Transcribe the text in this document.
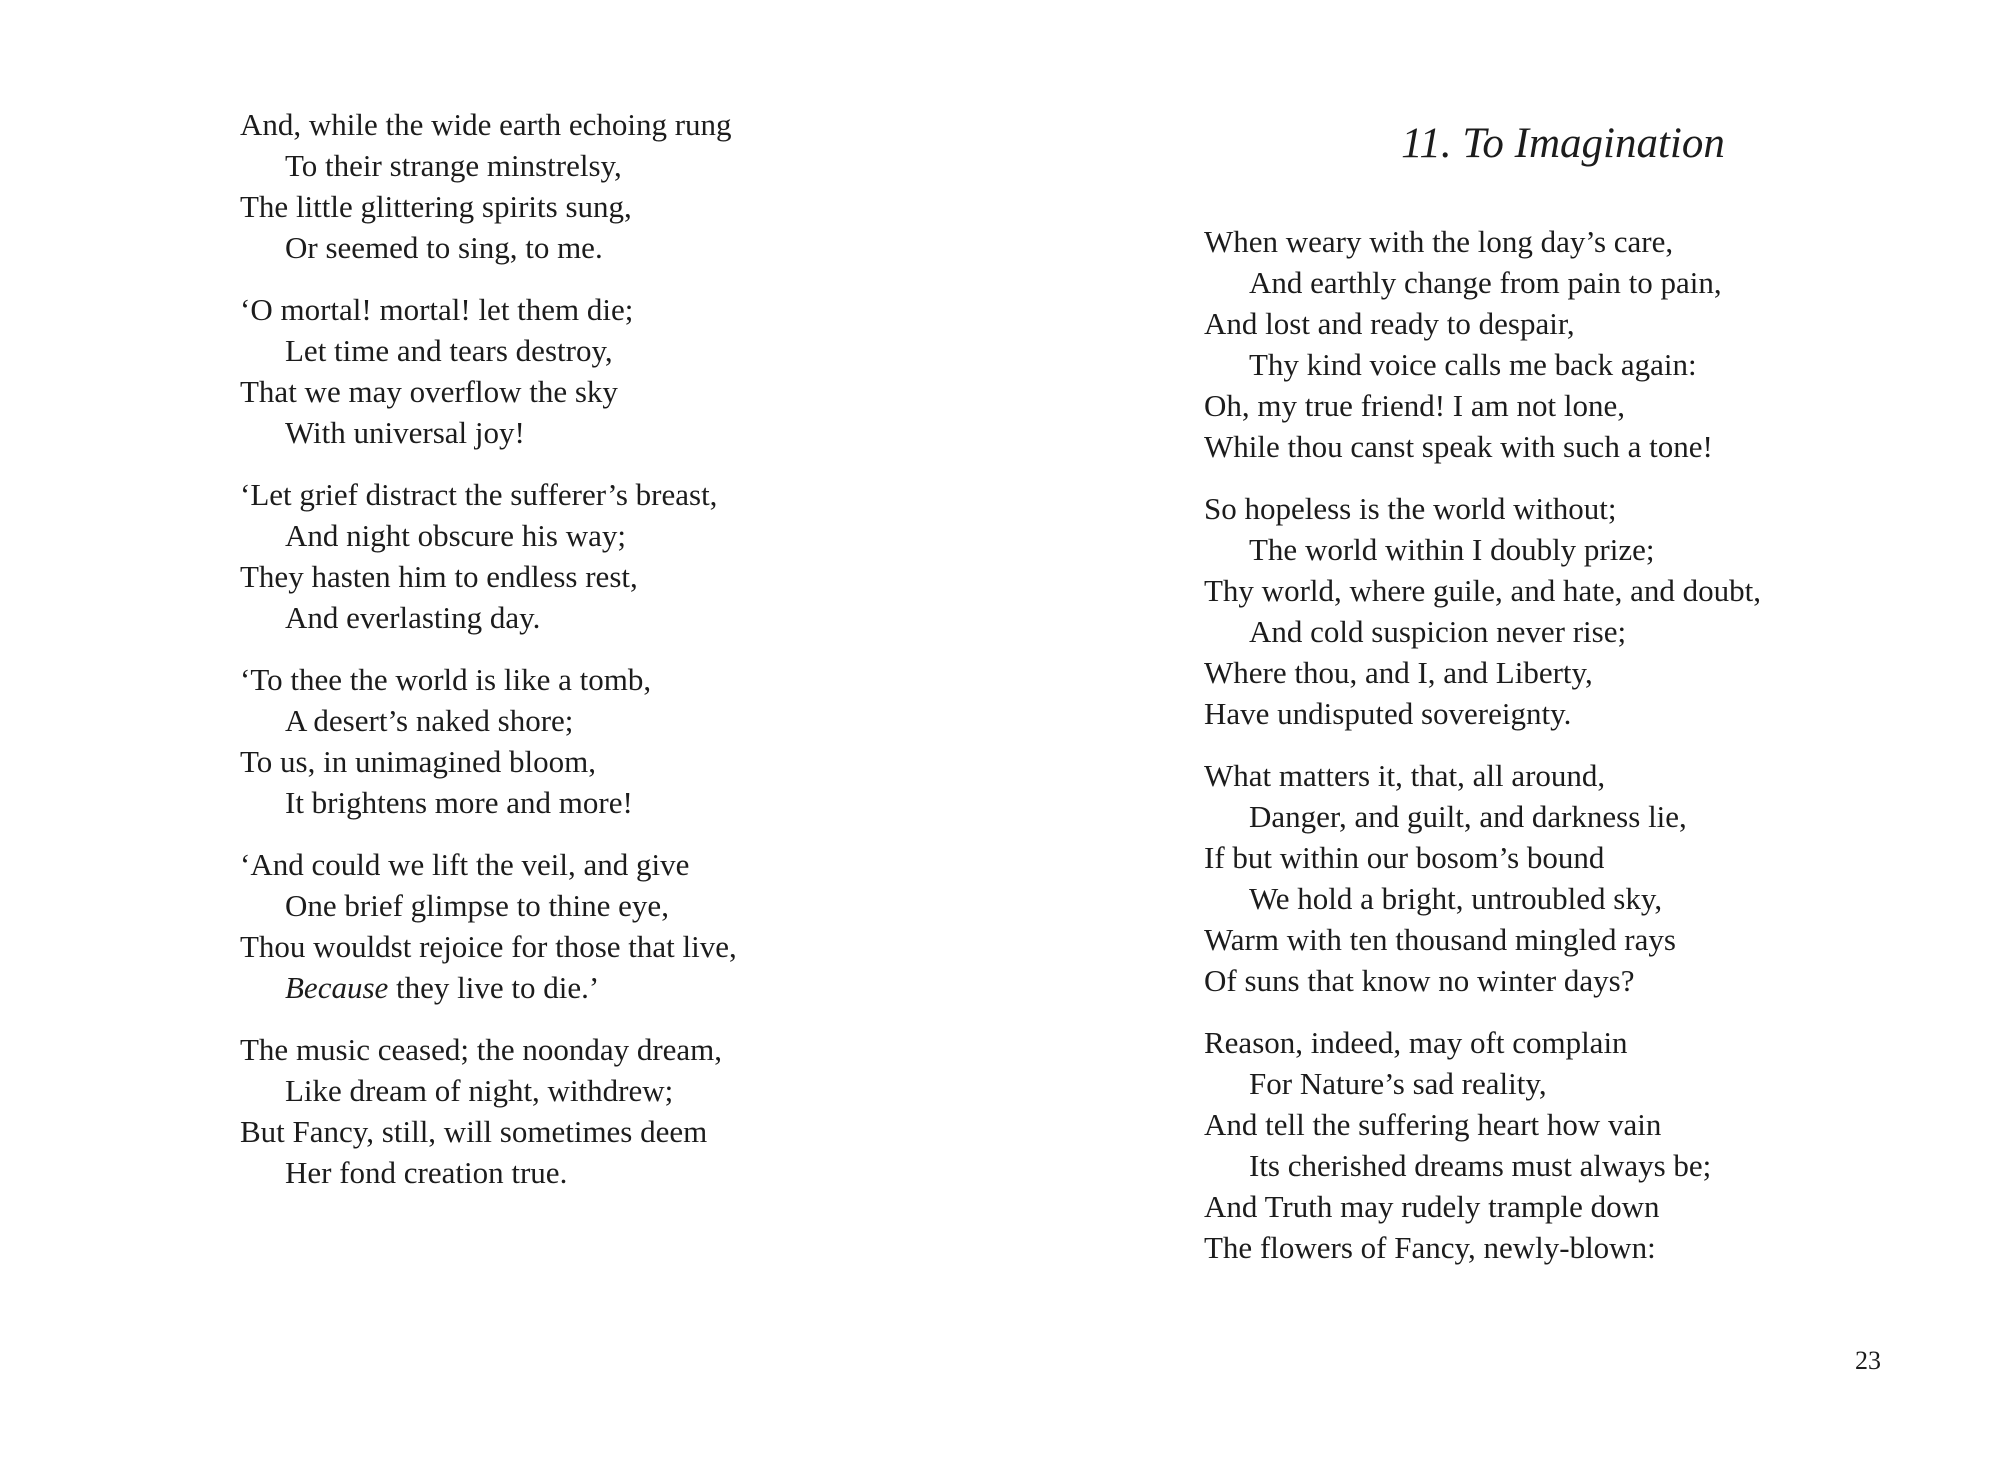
And, while the wide earth echoing rung
To their strange minstrelsy,
The little glittering spirits sung,
Or seemed to sing, to me.
‘O mortal! mortal! let them die;
Let time and tears destroy,
That we may overflow the sky
With universal joy!
‘Let grief distract the sufferer’s breast,
And night obscure his way;
They hasten him to endless rest,
And everlasting day.
‘To thee the world is like a tomb,
A desert’s naked shore;
To us, in unimagined bloom,
It brightens more and more!
‘And could we lift the veil, and give
One brief glimpse to thine eye,
Thou wouldst rejoice for those that live,
Because they live to die.’
The music ceased; the noonday dream,
Like dream of night, withdrew;
But Fancy, still, will sometimes deem
Her fond creation true.
11. To Imagination
When weary with the long day’s care,
And earthly change from pain to pain,
And lost and ready to despair,
Thy kind voice calls me back again:
Oh, my true friend! I am not lone,
While thou canst speak with such a tone!
So hopeless is the world without;
The world within I doubly prize;
Thy world, where guile, and hate, and doubt,
And cold suspicion never rise;
Where thou, and I, and Liberty,
Have undisputed sovereignty.
What matters it, that, all around,
Danger, and guilt, and darkness lie,
If but within our bosom’s bound
We hold a bright, untroubled sky,
Warm with ten thousand mingled rays
Of suns that know no winter days?
Reason, indeed, may oft complain
For Nature’s sad reality,
And tell the suffering heart how vain
Its cherished dreams must always be;
And Truth may rudely trample down
The flowers of Fancy, newly-blown:
23
